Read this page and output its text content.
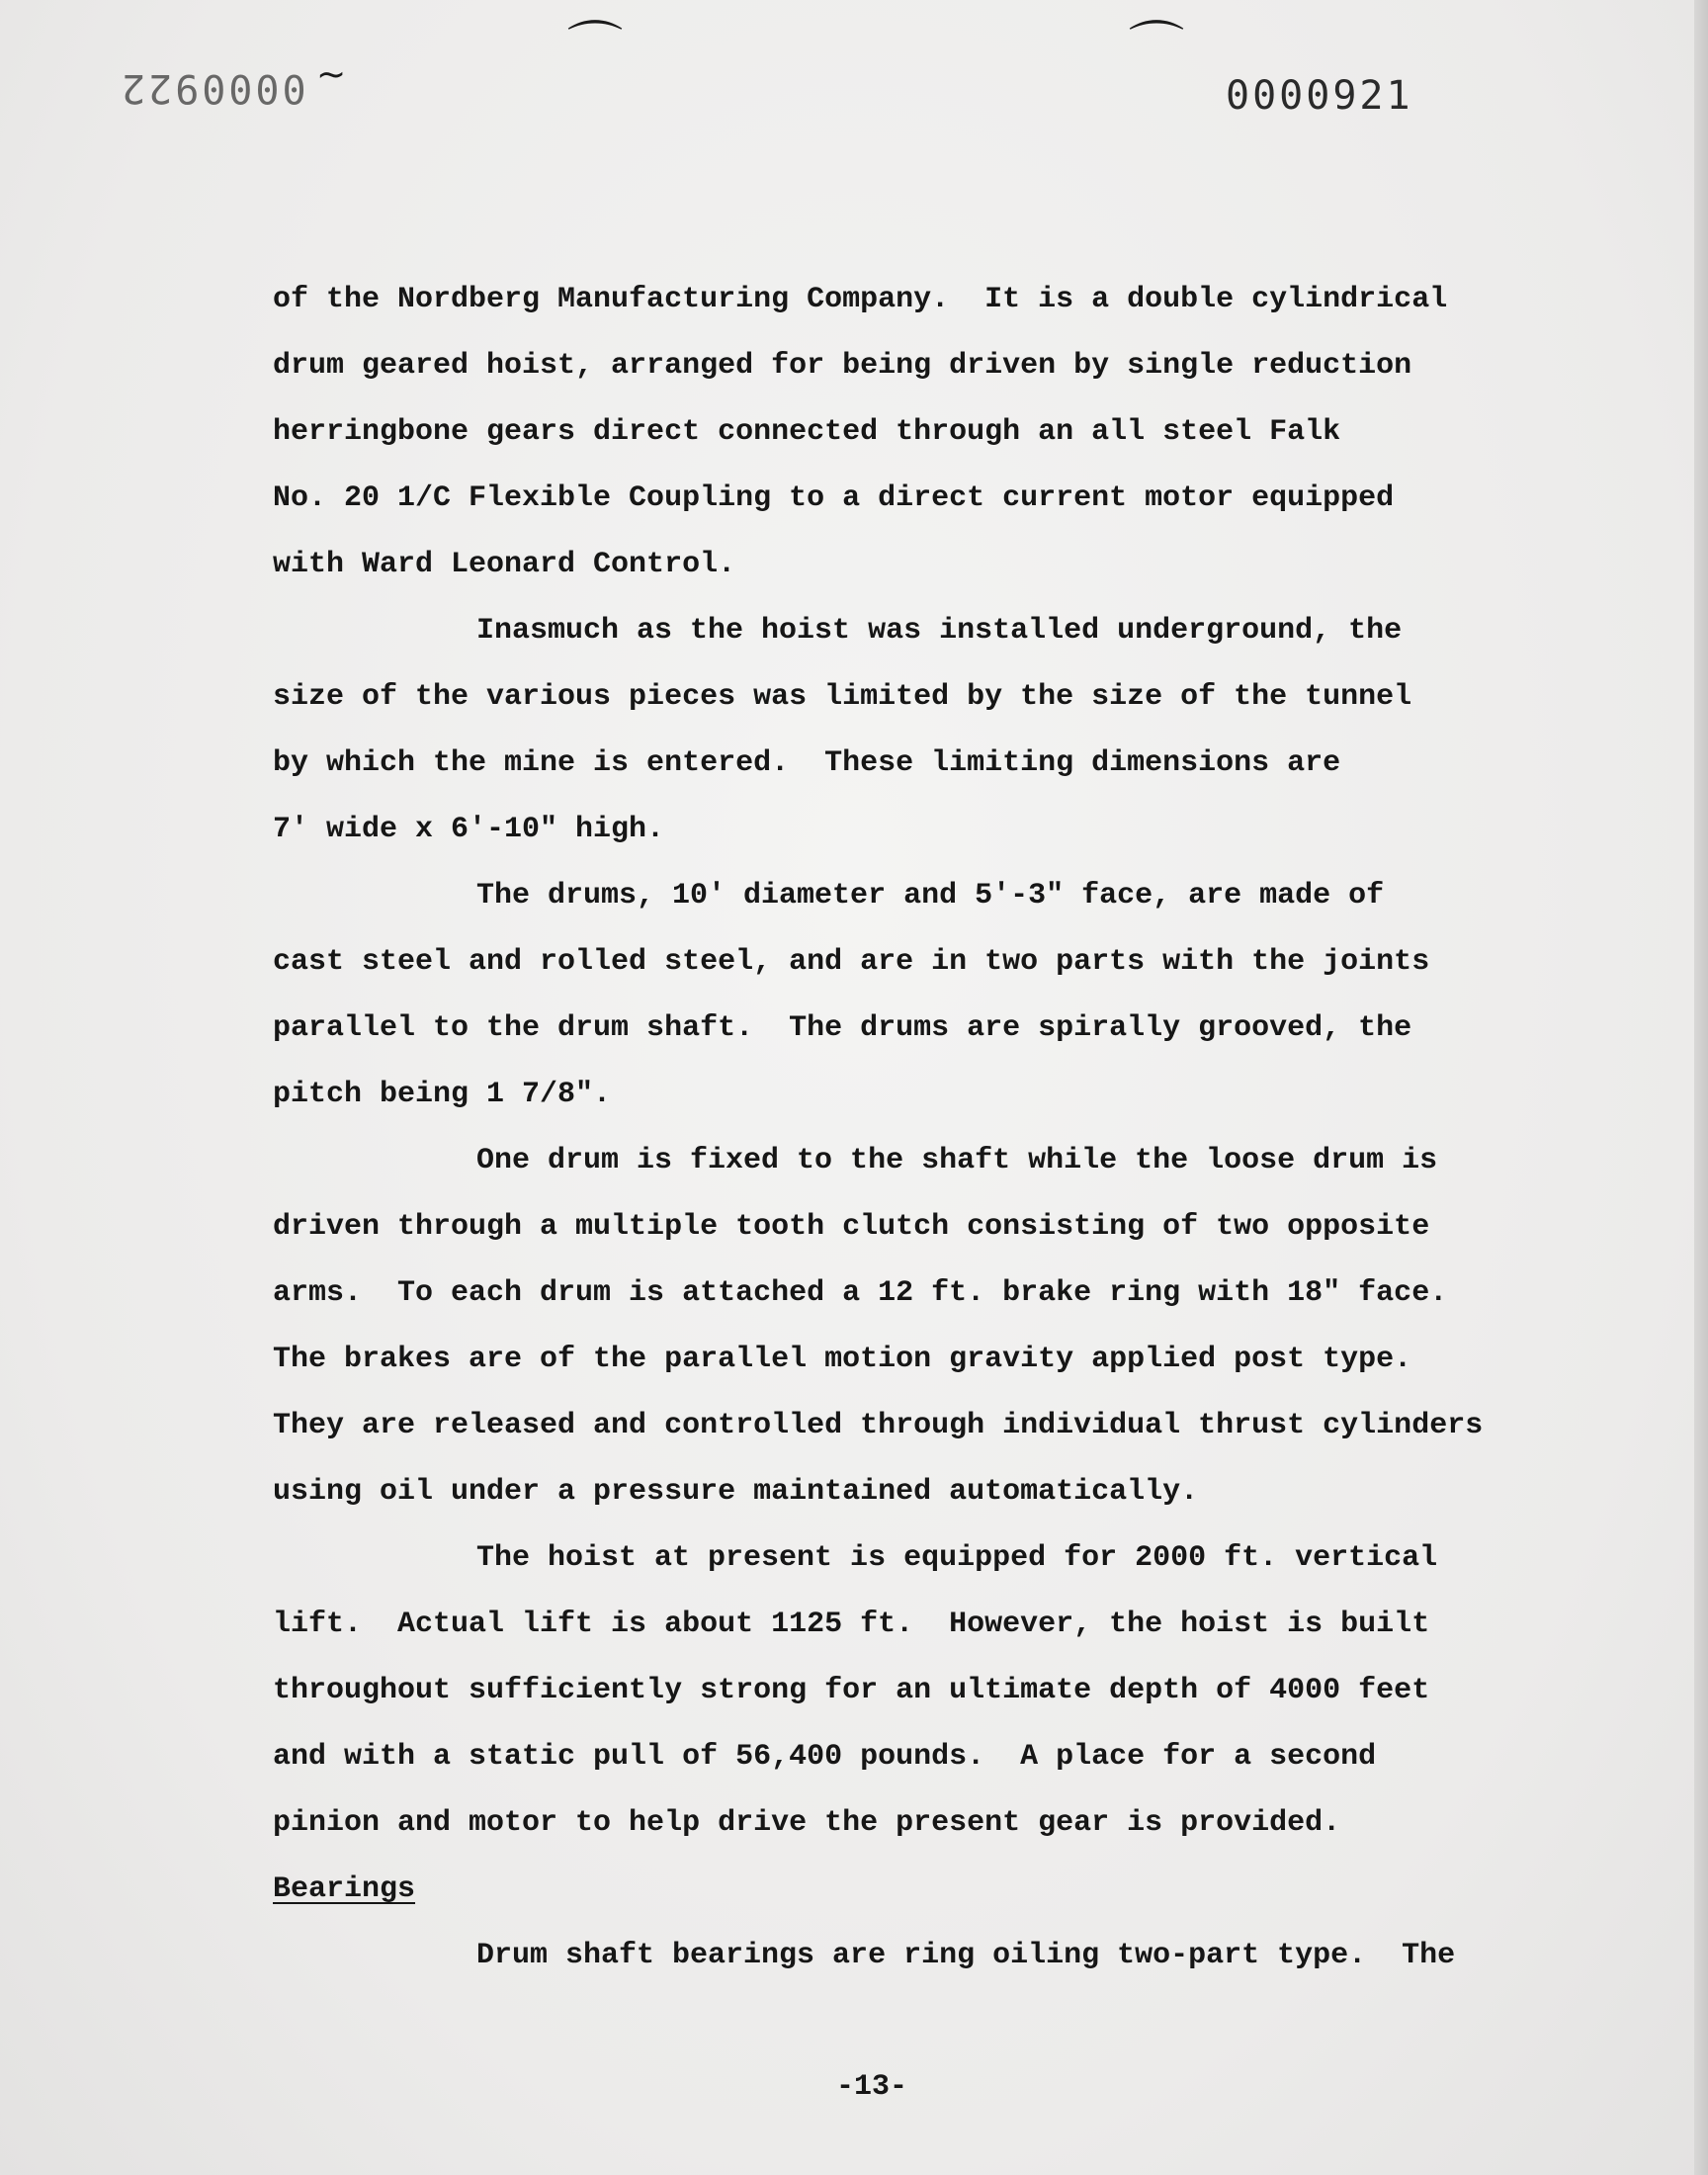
0000922	0000921
⌒	⌒
~
of the Nordberg Manufacturing Company.  It is a double cylindrical
drum geared hoist, arranged for being driven by single reduction
herringbone gears direct connected through an all steel Falk
No. 20 1/C Flexible Coupling to a direct current motor equipped
with Ward Leonard Control.
Inasmuch as the hoist was installed underground, the
size of the various pieces was limited by the size of the tunnel
by which the mine is entered.  These limiting dimensions are
7' wide x 6'-10" high.
The drums, 10' diameter and 5'-3" face, are made of
cast steel and rolled steel, and are in two parts with the joints
parallel to the drum shaft.  The drums are spirally grooved, the
pitch being 1 7/8".
One drum is fixed to the shaft while the loose drum is
driven through a multiple tooth clutch consisting of two opposite
arms.  To each drum is attached a 12 ft. brake ring with 18" face.
The brakes are of the parallel motion gravity applied post type.
They are released and controlled through individual thrust cylinders
using oil under a pressure maintained automatically.
The hoist at present is equipped for 2000 ft. vertical
lift.  Actual lift is about 1125 ft.  However, the hoist is built
throughout sufficiently strong for an ultimate depth of 4000 feet
and with a static pull of 56,400 pounds.  A place for a second
pinion and motor to help drive the present gear is provided.
Bearings
Drum shaft bearings are ring oiling two-part type.  The
-13-
